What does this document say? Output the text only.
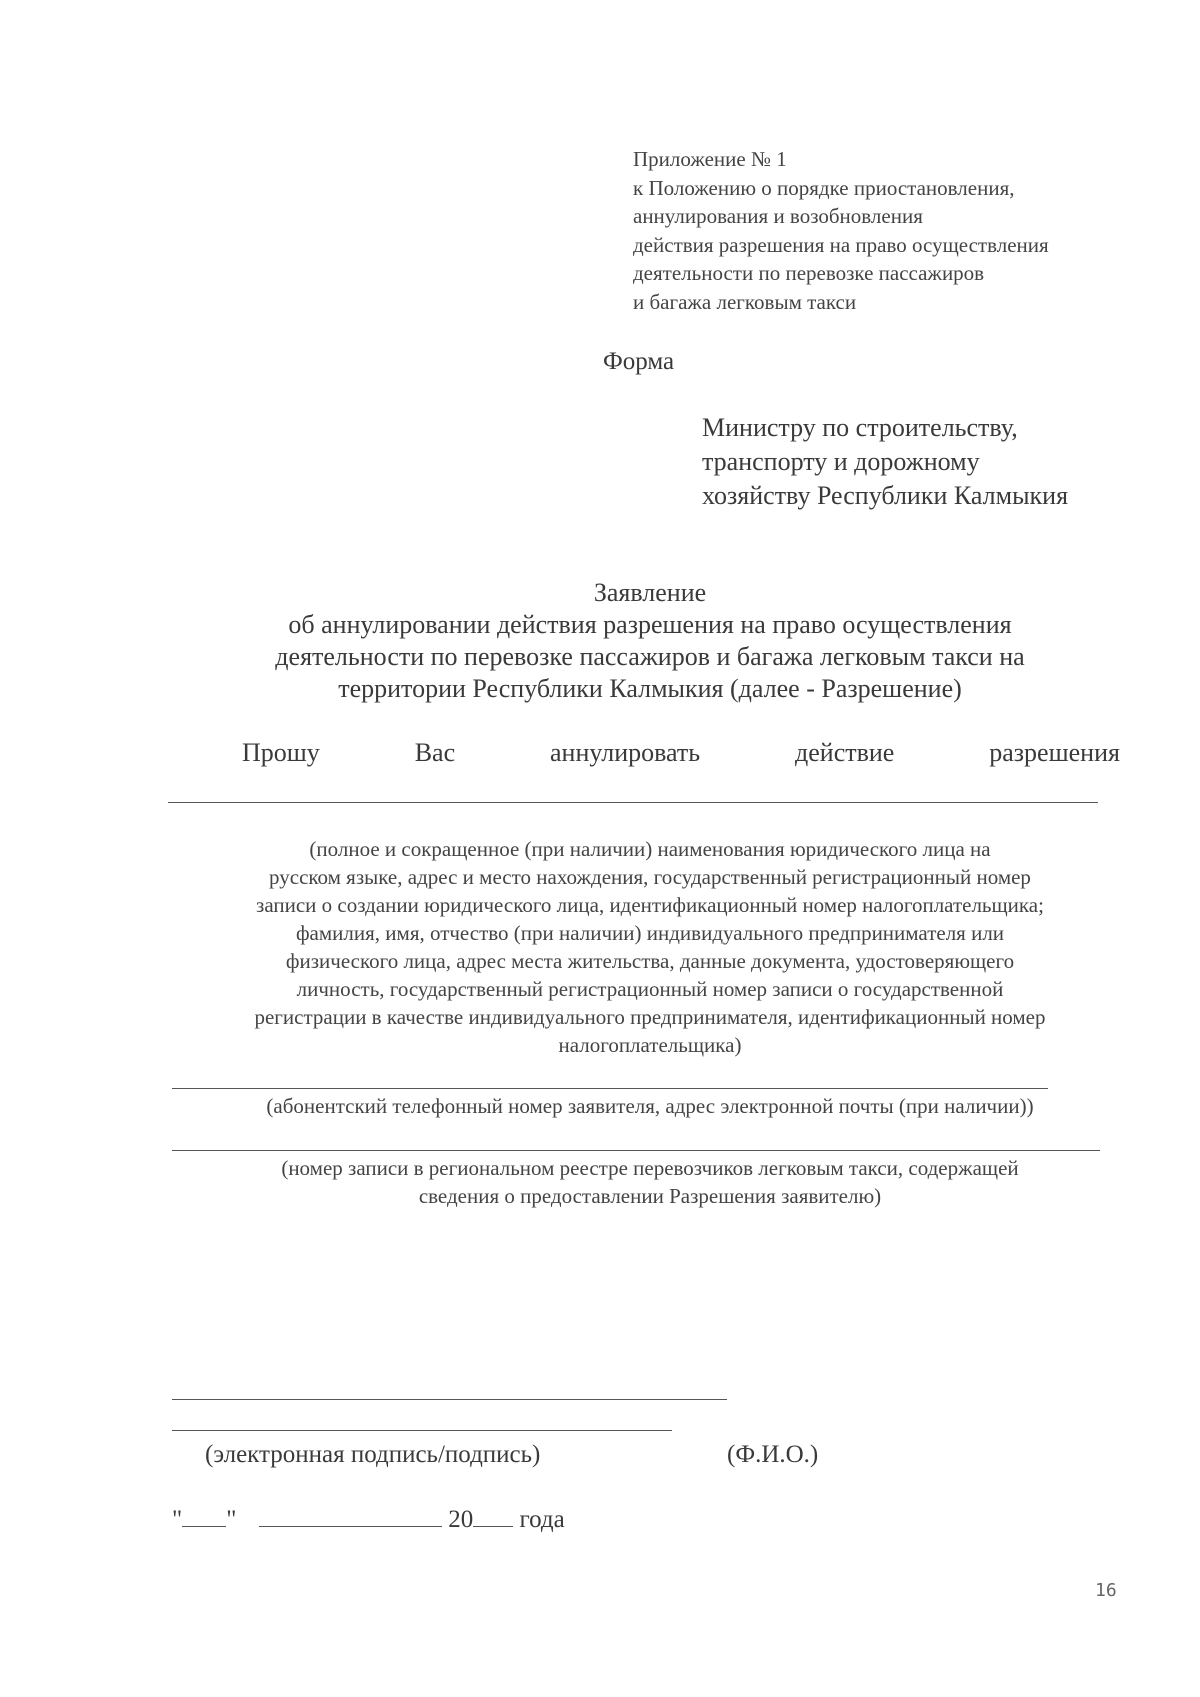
Приложение № 1
к Положению о порядке приостановления,
аннулирования и возобновления
действия разрешения на право осуществления
деятельности по перевозке пассажиров
и багажа легковым такси
Форма
Министру по строительству,
транспорту и дорожному
хозяйству Республики Калмыкия
Заявление
об аннулировании действия разрешения на право осуществления
деятельности по перевозке пассажиров и багажа легковым такси на
территории Республики Калмыкия (далее - Разрешение)
Прошу	Вас	аннулировать	действие	разрешения
(полное и сокращенное (при наличии) наименования юридического лица на
русском языке, адрес и место нахождения, государственный регистрационный номер
записи о создании юридического лица, идентификационный номер налогоплательщика;
фамилия, имя, отчество (при наличии) индивидуального предпринимателя или
физического лица, адрес места жительства, данные документа, удостоверяющего
личность, государственный регистрационный номер записи о государственной
регистрации в качестве индивидуального предпринимателя, идентификационный номер
налогоплательщика)
(абонентский телефонный номер заявителя, адрес электронной почты (при наличии))
(номер записи в региональном реестре перевозчиков легковым такси, содержащей
сведения о предоставлении Разрешения заявителю)
(электронная подпись/подпись)	(Ф.И.О.)
" "	20 года
16
